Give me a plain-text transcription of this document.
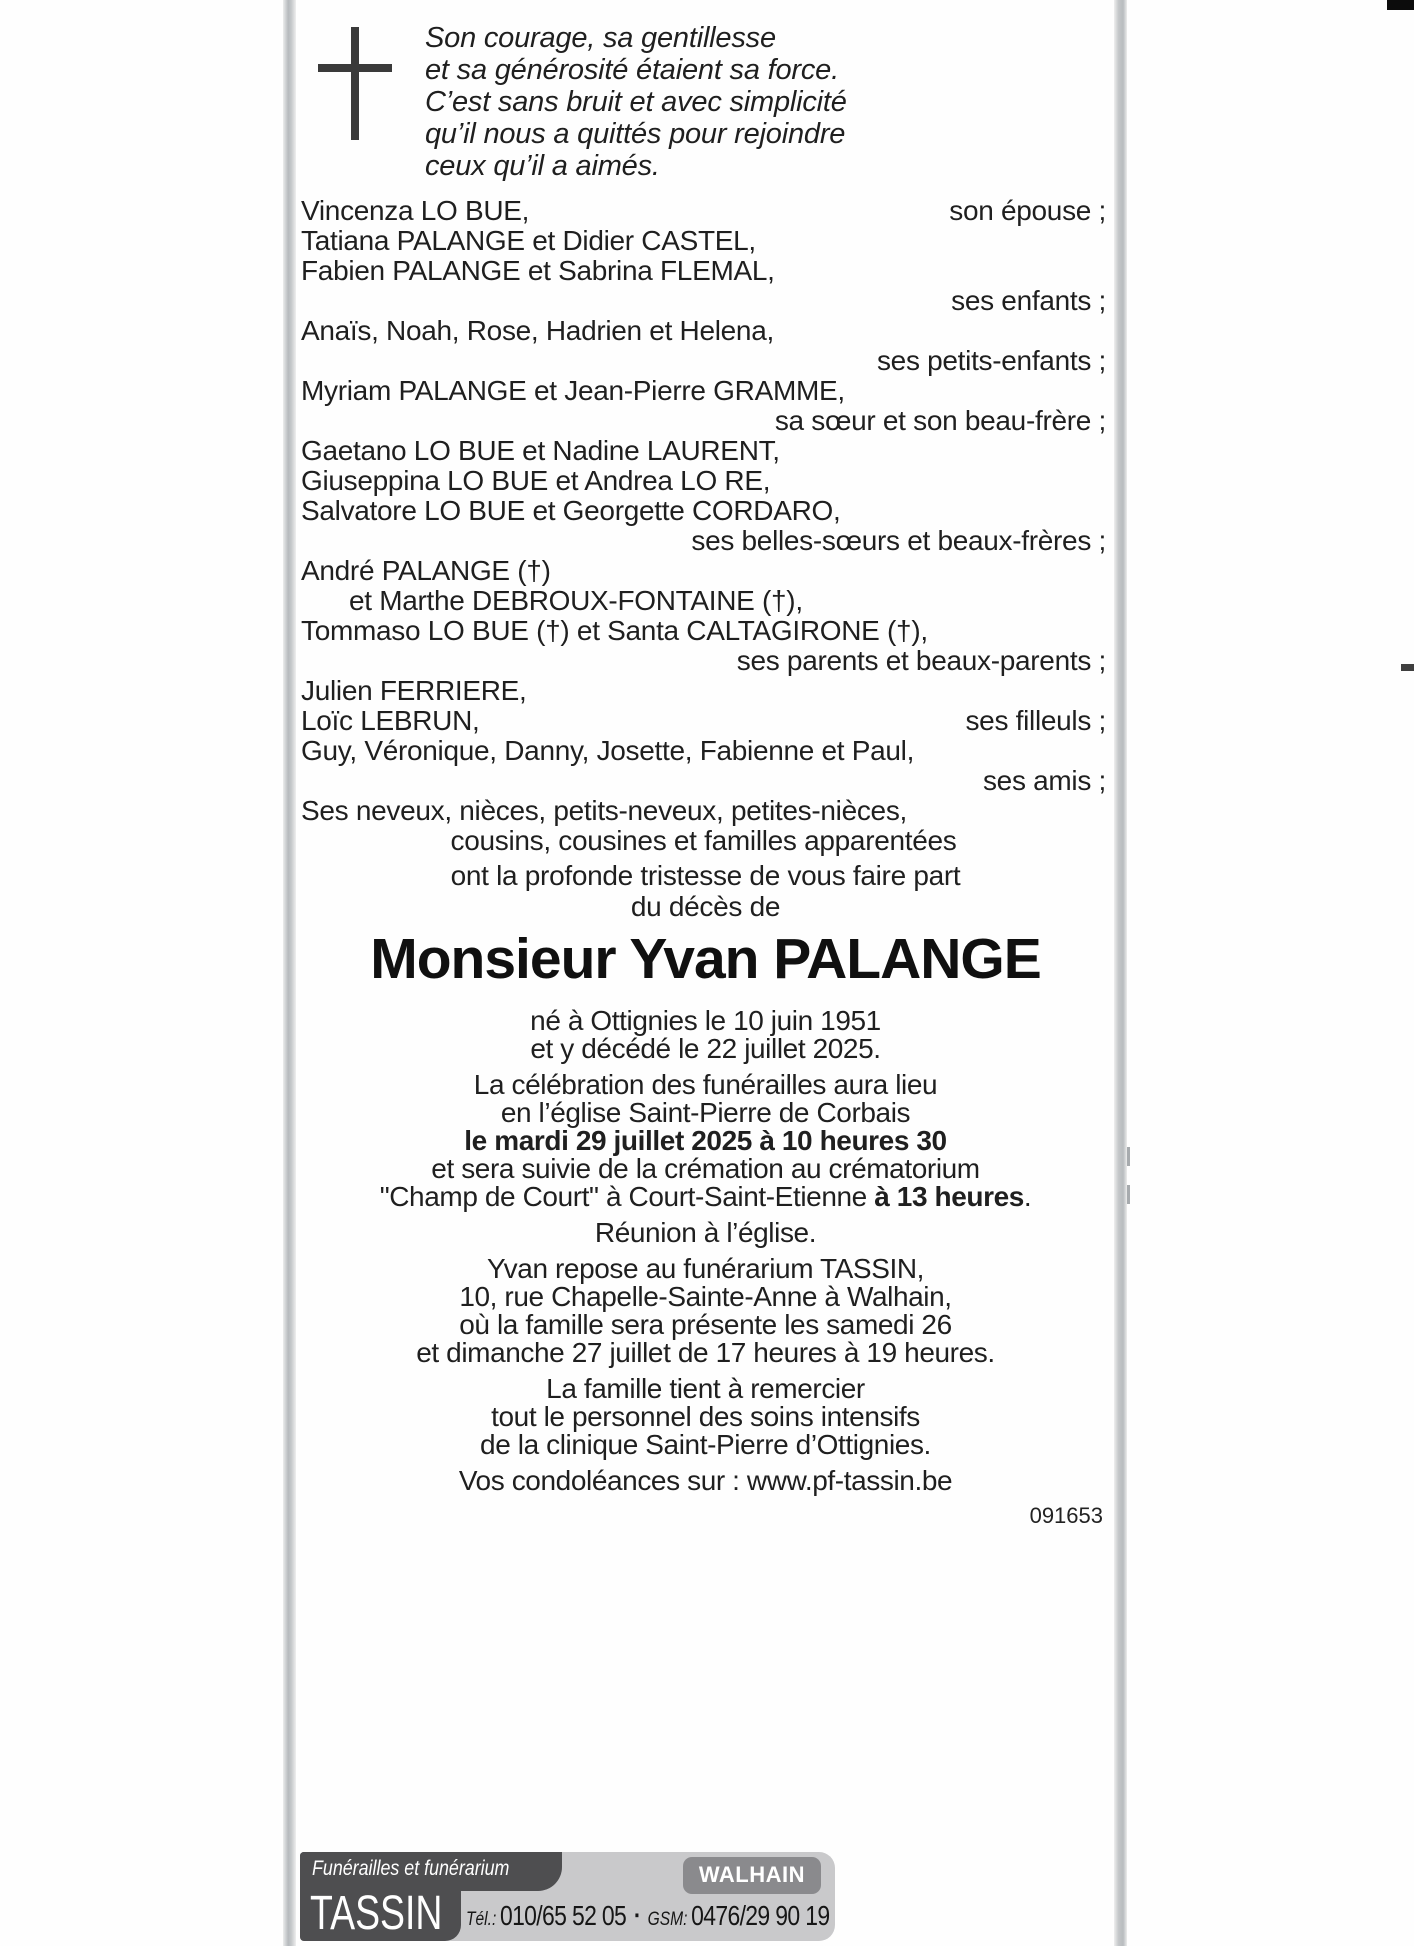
Son courage, sa gentillesse
et sa générosité étaient sa force.
C’est sans bruit et avec simplicité
qu’il nous a quittés pour rejoindre
ceux qu’il a aimés.
Vincenza LO BUE,	son épouse ;
Tatiana PALANGE et Didier CASTEL,
Fabien PALANGE et Sabrina FLEMAL,
ses enfants ;
Anaïs, Noah, Rose, Hadrien et Helena,
ses petits-enfants ;
Myriam PALANGE et Jean-Pierre GRAMME,
sa sœur et son beau-frère ;
Gaetano LO BUE et Nadine LAURENT,
Giuseppina LO BUE et Andrea LO RE,
Salvatore LO BUE et Georgette CORDARO,
ses belles-sœurs et beaux-frères ;
André PALANGE (†)
et Marthe DEBROUX-FONTAINE (†),
Tommaso LO BUE (†) et Santa CALTAGIRONE (†),
ses parents et beaux-parents ;
Julien FERRIERE,
Loïc LEBRUN,	ses filleuls ;
Guy, Véronique, Danny, Josette, Fabienne et Paul,
ses amis ;
Ses neveux, nièces, petits-neveux, petites-nièces,
cousins, cousines et familles apparentées
ont la profonde tristesse de vous faire part
du décès de
Monsieur Yvan PALANGE
né à Ottignies le 10 juin 1951
et y décédé le 22 juillet 2025.
La célébration des funérailles aura lieu
en l’église Saint-Pierre de Corbais
le mardi 29 juillet 2025 à 10 heures 30
et sera suivie de la crémation au crématorium
"Champ de Court" à Court-Saint-Etienne à 13 heures.
Réunion à l’église.
Yvan repose au funérarium TASSIN,
10, rue Chapelle-Sainte-Anne à Walhain,
où la famille sera présente les samedi 26
et dimanche 27 juillet de 17 heures à 19 heures.
La famille tient à remercier
tout le personnel des soins intensifs
de la clinique Saint-Pierre d’Ottignies.
Vos condoléances sur : www.pf-tassin.be
091653
Funérailles et funérarium
TASSIN
WALHAIN
Tél.: 010/65 52 05 ▪ GSM: 0476/29 90 19
